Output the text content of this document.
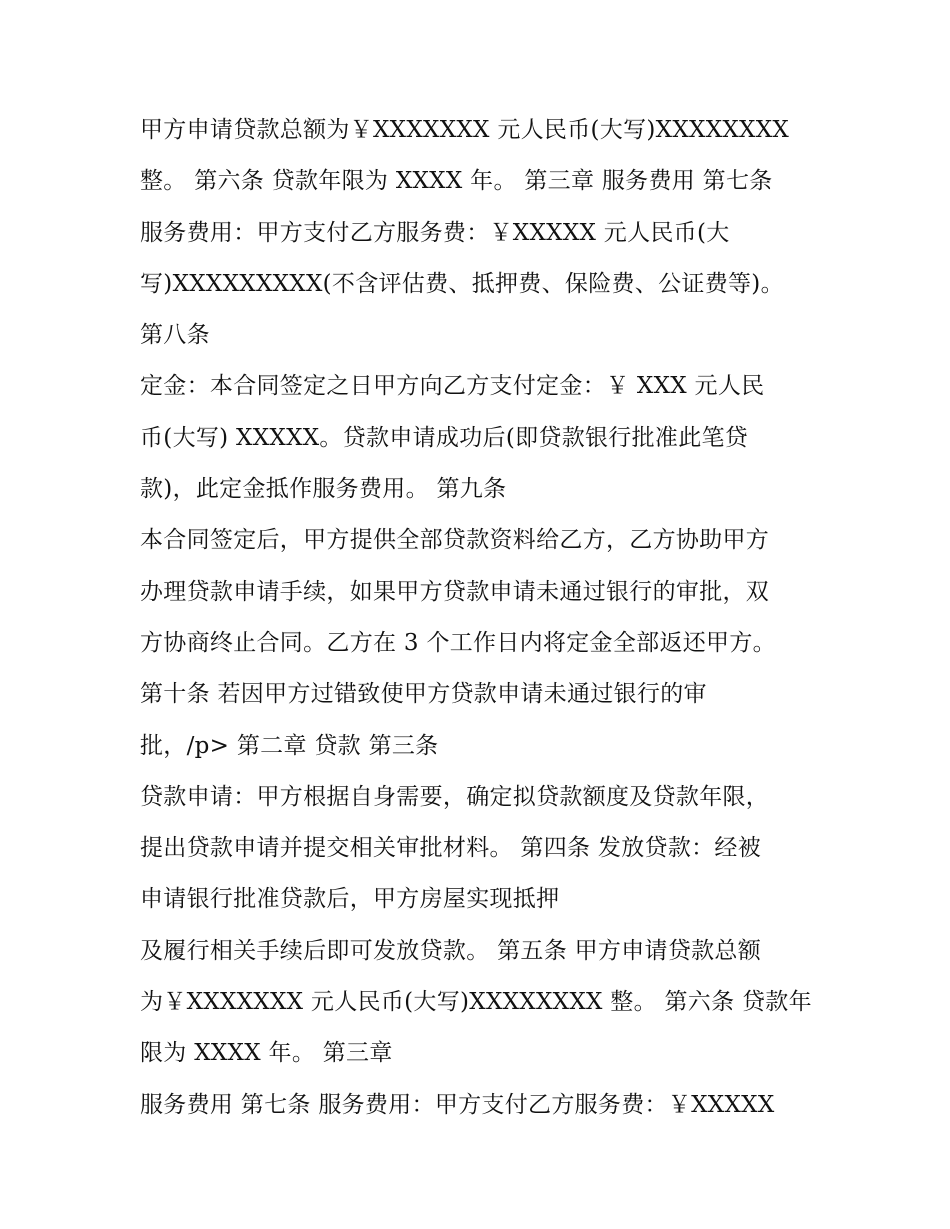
甲方申请贷款总额为￥XXXXXXX 元人民币(大写)XXXXXXXX
整。 第六条 贷款年限为 XXXX 年。 第三章 服务费用 第七条
服务费用：甲方支付乙方服务费：￥XXXXX 元人民币(大
写)XXXXXXXXX(不含评估费、抵押费、保险费、公证费等)。
第八条
定金：本合同签定之日甲方向乙方支付定金：￥ XXX 元人民
币(大写) XXXXX。贷款申请成功后(即贷款银行批准此笔贷
款)，此定金抵作服务费用。 第九条
本合同签定后，甲方提供全部贷款资料给乙方，乙方协助甲方
办理贷款申请手续，如果甲方贷款申请未通过银行的审批，双
方协商终止合同。乙方在 3 个工作日内将定金全部返还甲方。
第十条 若因甲方过错致使甲方贷款申请未通过银行的审
批，/p> 第二章 贷款 第三条
贷款申请：甲方根据自身需要，确定拟贷款额度及贷款年限，
提出贷款申请并提交相关审批材料。 第四条 发放贷款：经被
申请银行批准贷款后，甲方房屋实现抵押
及履行相关手续后即可发放贷款。 第五条 甲方申请贷款总额
为￥XXXXXXX 元人民币(大写)XXXXXXXX 整。 第六条 贷款年
限为 XXXX 年。 第三章
服务费用 第七条 服务费用：甲方支付乙方服务费：￥XXXXX
